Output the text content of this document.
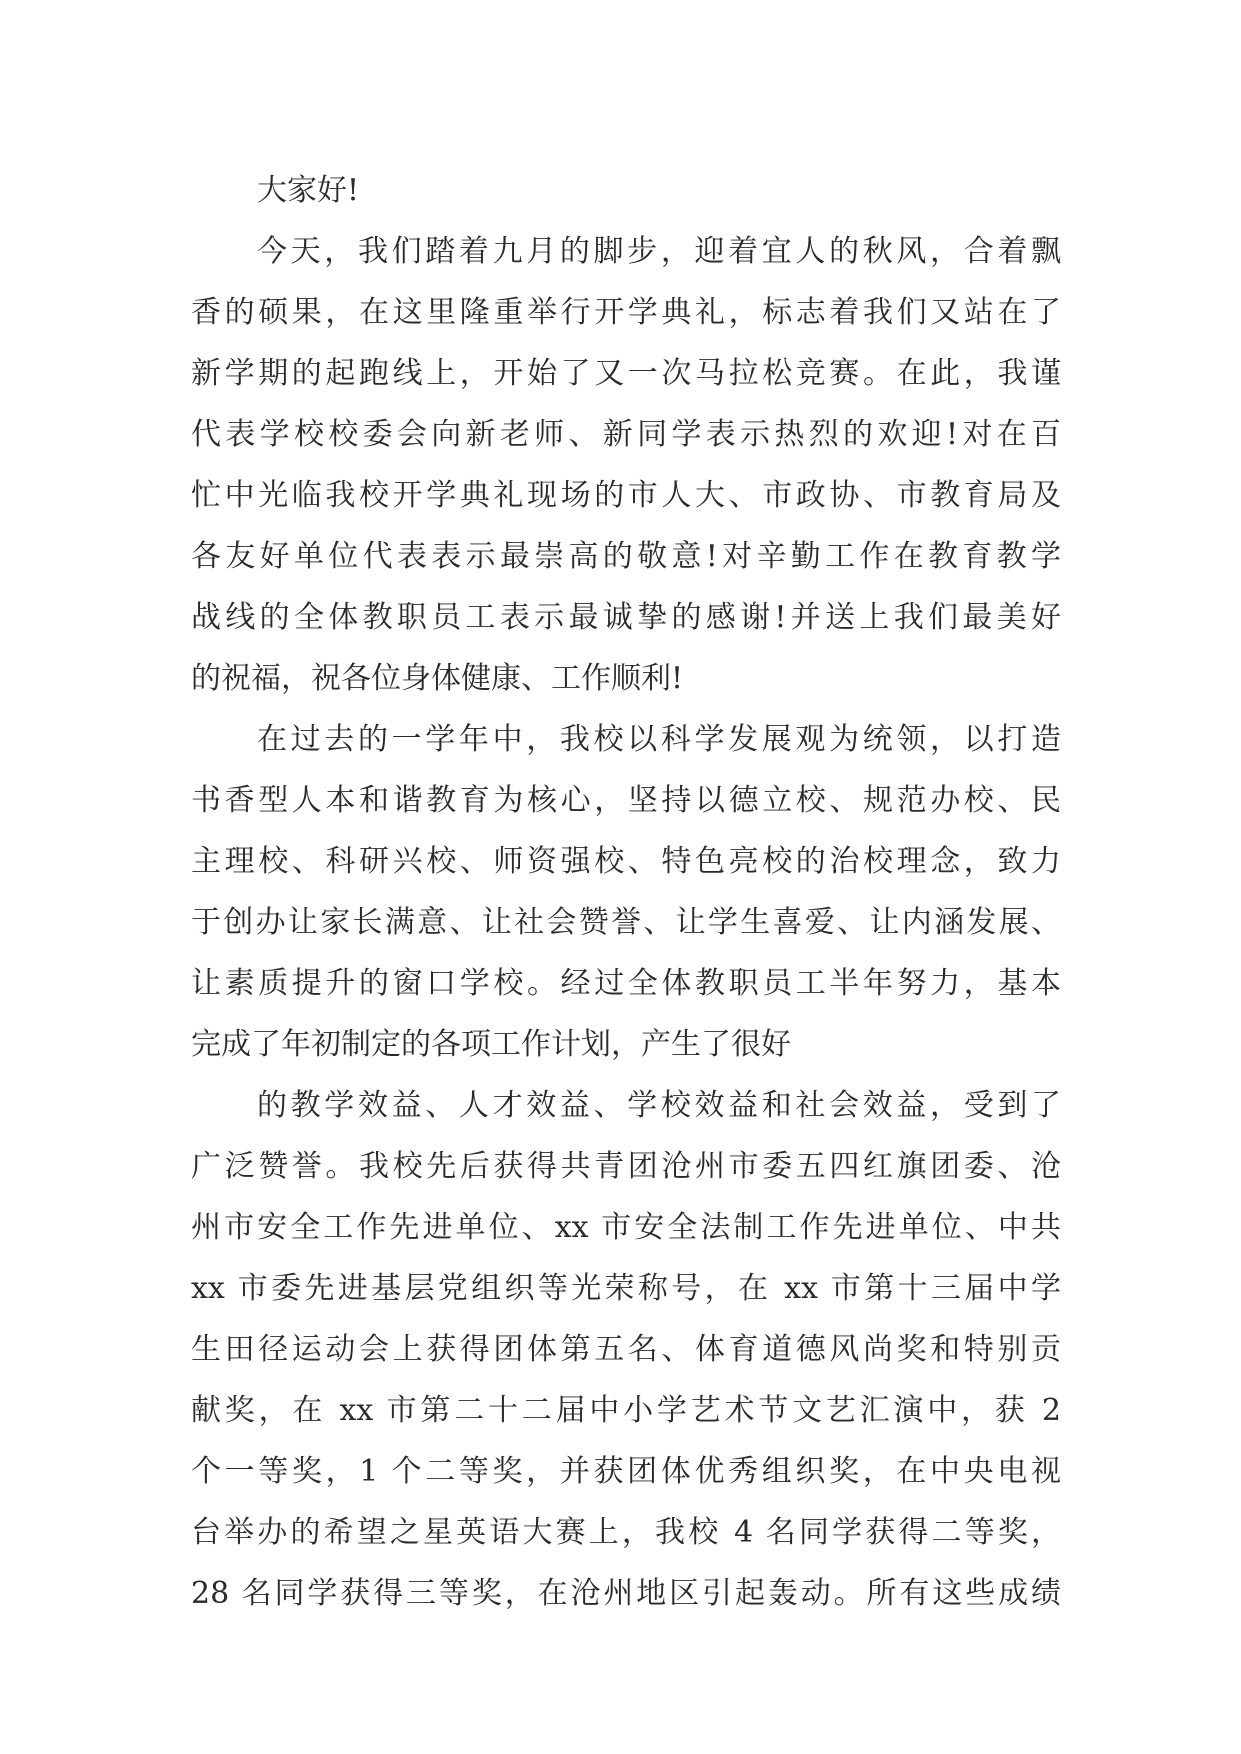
大家好!
今天，我们踏着九月的脚步，迎着宜人的秋风，合着飘
香的硕果，在这里隆重举行开学典礼，标志着我们又站在了
新学期的起跑线上，开始了又一次马拉松竞赛。在此，我谨
代表学校校委会向新老师、新同学表示热烈的欢迎!对在百
忙中光临我校开学典礼现场的市人大、市政协、市教育局及
各友好单位代表表示最崇高的敬意!对辛勤工作在教育教学
战线的全体教职员工表示最诚挚的感谢!并送上我们最美好
的祝福，祝各位身体健康、工作顺利!
在过去的一学年中，我校以科学发展观为统领，以打造
书香型人本和谐教育为核心，坚持以德立校、规范办校、民
主理校、科研兴校、师资强校、特色亮校的治校理念，致力
于创办让家长满意、让社会赞誉、让学生喜爱、让内涵发展、
让素质提升的窗口学校。经过全体教职员工半年努力，基本
完成了年初制定的各项工作计划，产生了很好
的教学效益、人才效益、学校效益和社会效益，受到了
广泛赞誉。我校先后获得共青团沧州市委五四红旗团委、沧
州市安全工作先进单位、xx 市安全法制工作先进单位、中共
xx 市委先进基层党组织等光荣称号，在 xx 市第十三届中学
生田径运动会上获得团体第五名、体育道德风尚奖和特别贡
献奖，在 xx 市第二十二届中小学艺术节文艺汇演中，获 2
个一等奖，1 个二等奖，并获团体优秀组织奖，在中央电视
台举办的希望之星英语大赛上，我校 4 名同学获得二等奖，
28 名同学获得三等奖，在沧州地区引起轰动。所有这些成绩
